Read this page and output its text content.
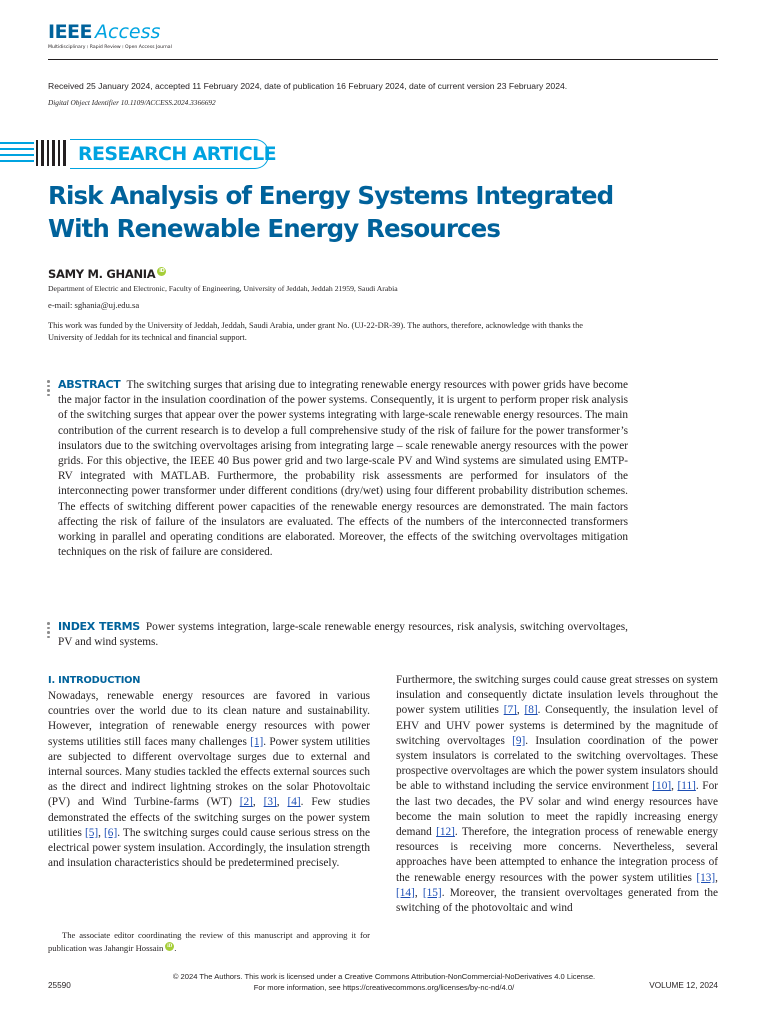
IEEE Access
Multidisciplinary ⁝ Rapid Review ⁝ Open Access Journal
Received 25 January 2024, accepted 11 February 2024, date of publication 16 February 2024, date of current version 23 February 2024.
Digital Object Identifier 10.1109/ACCESS.2024.3366692
RESEARCH ARTICLE
Risk Analysis of Energy Systems Integrated With Renewable Energy Resources
SAMY M. GHANIA iD
Department of Electric and Electronic, Faculty of Engineering, University of Jeddah, Jeddah 21959, Saudi Arabia
e-mail: sghania@uj.edu.sa
This work was funded by the University of Jeddah, Jeddah, Saudi Arabia, under grant No. (UJ-22-DR-39). The authors, therefore, acknowledge with thanks the University of Jeddah for its technical and financial support.
ABSTRACT The switching surges that arising due to integrating renewable energy resources with power grids have become the major factor in the insulation coordination of the power systems. Consequently, it is urgent to perform proper risk analysis of the switching surges that appear over the power systems integrating with large-scale renewable energy resources. The main contribution of the current research is to develop a full comprehensive study of the risk of failure for the power transformer’s insulators due to the switching overvoltages arising from integrating large – scale renewable anergy resources with the power grids. For this objective, the IEEE 40 Bus power grid and two large-scale PV and Wind systems are simulated using EMTP-RV integrated with MATLAB. Furthermore, the probability risk assessments are performed for insulators of the interconnecting power transformer under different conditions (dry/wet) using four different probability distribution schemes. The effects of switching different power capacities of the renewable energy resources are demonstrated. The main factors affecting the risk of failure of the insulators are evaluated. The effects of the numbers of the interconnected transformers working in parallel and operating conditions are elaborated. Moreover, the effects of the switching overvoltages mitigation techniques on the risk of failure are considered.
INDEX TERMS Power systems integration, large-scale renewable energy resources, risk analysis, switching overvoltages, PV and wind systems.
I. INTRODUCTION
Nowadays, renewable energy resources are favored in various countries over the world due to its clean nature and sustainability. However, integration of renewable energy resources with power systems utilities still faces many challenges [1]. Power system utilities are subjected to different overvoltage surges due to external and internal sources. Many studies tackled the effects external sources such as the direct and indirect lightning strokes on the solar Photovoltaic (PV) and Wind Turbine-farms (WT) [2], [3], [4]. Few studies demonstrated the effects of the switching surges on the power system utilities [5], [6]. The switching surges could cause serious stress on the electrical power system insulation. Accordingly, the insulation strength and insulation characteristics should be predetermined precisely.
Furthermore, the switching surges could cause great stresses on system insulation and consequently dictate insulation levels throughout the power system utilities [7], [8]. Consequently, the insulation level of EHV and UHV power systems is determined by the magnitude of switching overvoltages [9]. Insulation coordination of the power system insulators is correlated to the switching overvoltages. These prospective overvoltages are which the power system insulators should be able to withstand including the service environment [10], [11]. For the last two decades, the PV solar and wind energy resources have become the main solution to meet the rapidly increasing energy demand [12]. Therefore, the integration process of renewable energy resources is receiving more concerns. Nevertheless, several approaches have been attempted to enhance the integration process of the renewable energy resources with the power system utilities [13], [14], [15]. Moreover, the transient overvoltages generated from the switching of the photovoltaic and wind
The associate editor coordinating the review of this manuscript and approving it for publication was Jahangir Hossain iD .
© 2024 The Authors. This work is licensed under a Creative Commons Attribution-NonCommercial-NoDerivatives 4.0 License.
For more information, see https://creativecommons.org/licenses/by-nc-nd/4.0/
25590	VOLUME 12, 2024
